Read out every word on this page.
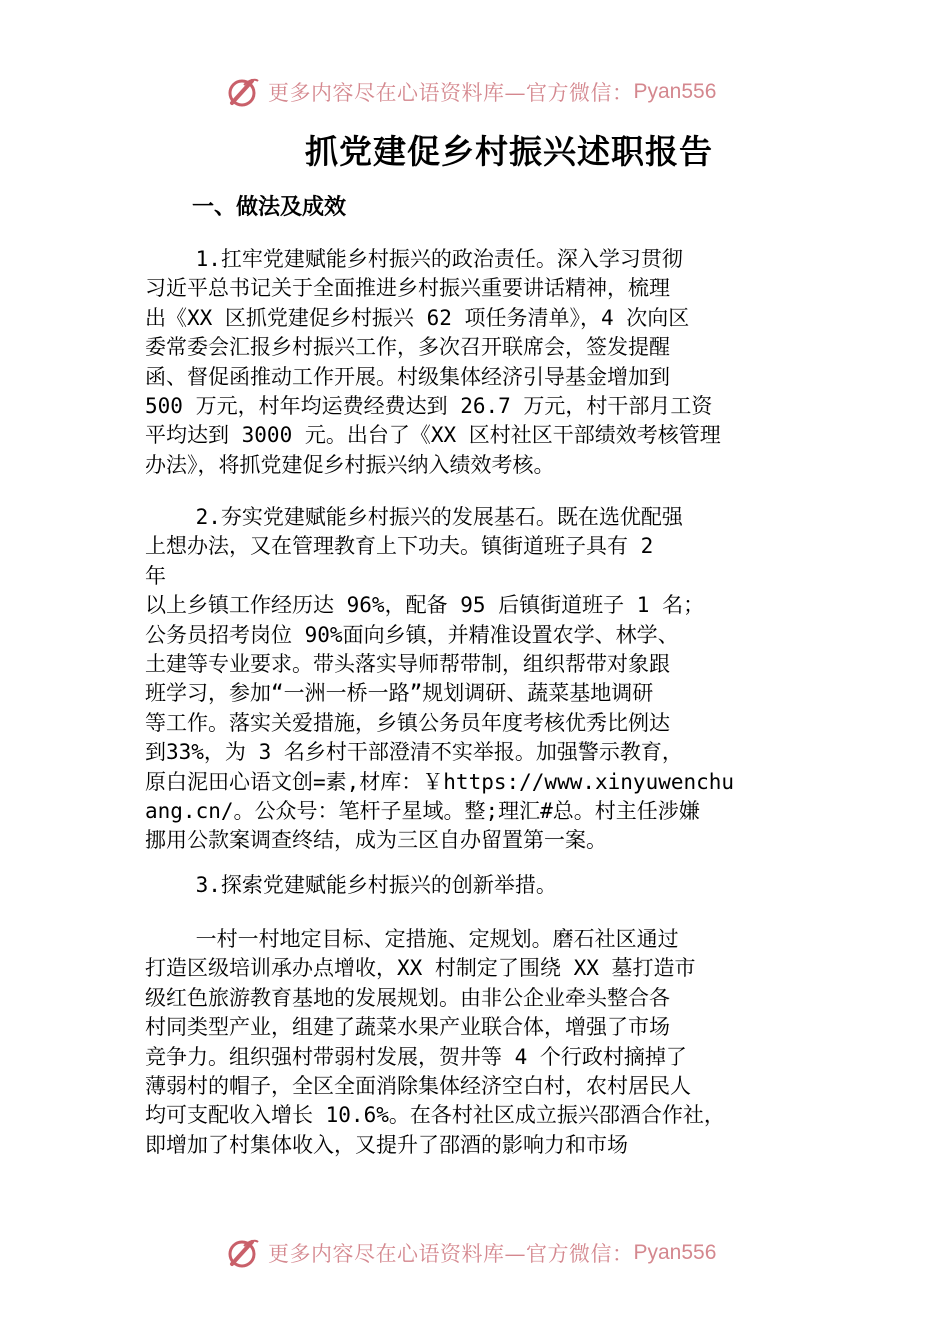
更多内容尽在心语资料库—官方微信： Pyan556
抓党建促乡村振兴述职报告
一、做法及成效
1.扛牢党建赋能乡村振兴的政治责任。深入学习贯彻
习近平总书记关于全面推进乡村振兴重要讲话精神，梳理
出《XX 区抓党建促乡村振兴 62 项任务清单》，4 次向区
委常委会汇报乡村振兴工作，多次召开联席会，签发提醒
函、督促函推动工作开展。村级集体经济引导基金增加到
500 万元，村年均运费经费达到 26.7 万元，村干部月工资
平均达到 3000 元。出台了《XX 区村社区干部绩效考核管理
办法》，将抓党建促乡村振兴纳入绩效考核。
2.夯实党建赋能乡村振兴的发展基石。既在选优配强
上想办法，又在管理教育上下功夫。镇街道班子具有 2
年
以上乡镇工作经历达 96%，配备 95 后镇街道班子 1 名；
公务员招考岗位 90%面向乡镇，并精准设置农学、林学、
土建等专业要求。带头落实导师帮带制，组织帮带对象跟
班学习，参加“一洲一桥一路”规划调研、蔬菜基地调研
等工作。落实关爱措施，乡镇公务员年度考核优秀比例达
到33%，为 3 名乡村干部澄清不实举报。加强警示教育，
原白泥田心语文创=素,材库：￥https://www.xinyuwenchu
ang.cn/。公众号：笔杆子星域。整;理汇#总。村主任涉嫌
挪用公款案调查终结，成为三区自办留置第一案。
3.探索党建赋能乡村振兴的创新举措。
一村一村地定目标、定措施、定规划。磨石社区通过
打造区级培训承办点增收，XX 村制定了围绕 XX 墓打造市
级红色旅游教育基地的发展规划。由非公企业牵头整合各
村同类型产业，组建了蔬菜水果产业联合体，增强了市场
竞争力。组织强村带弱村发展，贺井等 4 个行政村摘掉了
薄弱村的帽子，全区全面消除集体经济空白村，农村居民人
均可支配收入增长 10.6%。在各村社区成立振兴邵酒合作社，
即增加了村集体收入，又提升了邵酒的影响力和市场
更多内容尽在心语资料库—官方微信： Pyan556
